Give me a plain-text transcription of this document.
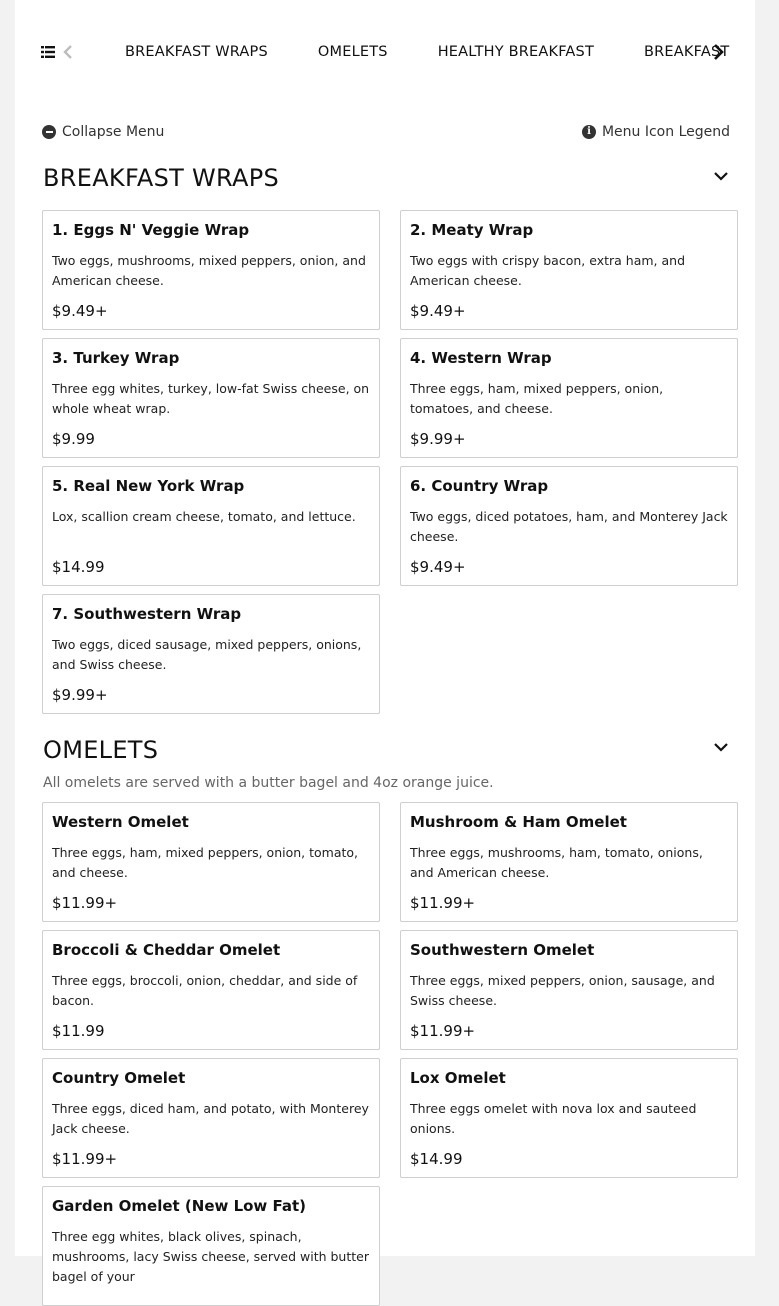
BREAKFAST WRAPS	OMELETS	HEALTHY BREAKFAST	BREAKFAST
Collapse Menu	i Menu Icon Legend
BREAKFAST WRAPS
1. Eggs N' Veggie Wrap
Two eggs, mushrooms, mixed peppers, onion, and American cheese.
$9.49+
2. Meaty Wrap
Two eggs with crispy bacon, extra ham, and American cheese.
$9.49+
3. Turkey Wrap
Three egg whites, turkey, low-fat Swiss cheese, on whole wheat wrap.
$9.99
4. Western Wrap
Three eggs, ham, mixed peppers, onion, tomatoes, and cheese.
$9.99+
5. Real New York Wrap
Lox, scallion cream cheese, tomato, and lettuce.
$14.99
6. Country Wrap
Two eggs, diced potatoes, ham, and Monterey Jack cheese.
$9.49+
7. Southwestern Wrap
Two eggs, diced sausage, mixed peppers, onions, and Swiss cheese.
$9.99+
OMELETS
All omelets are served with a butter bagel and 4oz orange juice.
Western Omelet
Three eggs, ham, mixed peppers, onion, tomato, and cheese.
$11.99+
Mushroom & Ham Omelet
Three eggs, mushrooms, ham, tomato, onions, and American cheese.
$11.99+
Broccoli & Cheddar Omelet
Three eggs, broccoli, onion, cheddar, and side of bacon.
$11.99
Southwestern Omelet
Three eggs, mixed peppers, onion, sausage, and Swiss cheese.
$11.99+
Country Omelet
Three eggs, diced ham, and potato, with Monterey Jack cheese.
$11.99+
Lox Omelet
Three eggs omelet with nova lox and sauteed onions.
$14.99
Garden Omelet (New Low Fat)
Three egg whites, black olives, spinach, mushrooms, lacy Swiss cheese, served with butter bagel of your
